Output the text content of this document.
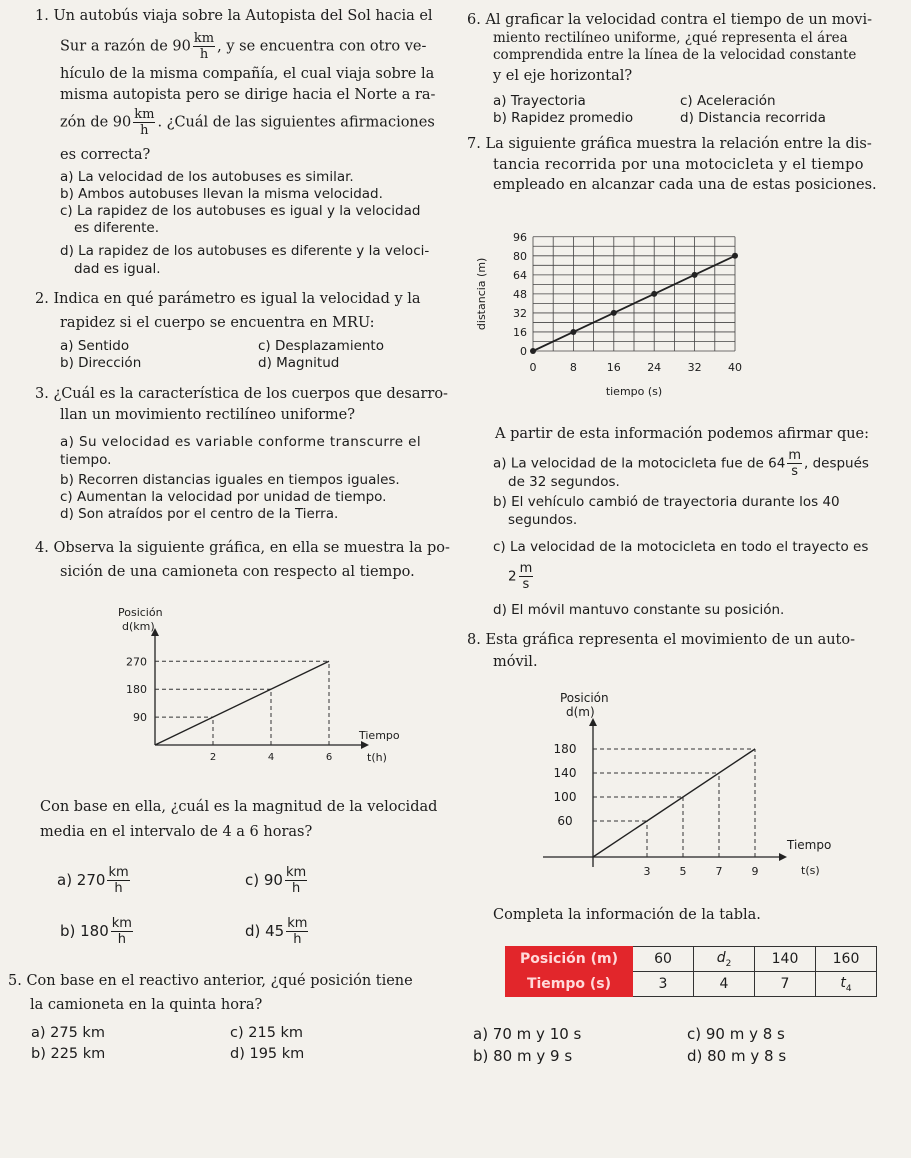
1. Un autobús viaja sobre la Autopista del Sol hacia el
Sur a razón de $90 \frac{km}{h}$ , y se encuentra con otro ve-
hículo de la misma compañía, el cual viaja sobre la
misma autopista pero se dirige hacia el Norte a ra-
zón de $90 \frac{km}{h}$ . ¿Cuál de las siguientes afirmaciones
es correcta?
a) La velocidad de los autobuses es similar.
b) Ambos autobuses llevan la misma velocidad.
c) La rapidez de los autobuses es igual y la velocidad
es diferente.
d) La rapidez de los autobuses es diferente y la veloci-
dad es igual.
2. Indica en qué parámetro es igual la velocidad y la
rapidez si el cuerpo se encuentra en MRU:
a) Sentido
b) Dirección
c) Desplazamiento
d) Magnitud
3. ¿Cuál es la característica de los cuerpos que desarro-
llan un movimiento rectilíneo uniforme?
a) Su velocidad es variable conforme transcurre el
tiempo.
b) Recorren distancias iguales en tiempos iguales.
c) Aumentan la velocidad por unidad de tiempo.
d) Son atraídos por el centro de la Tierra.
4. Observa la siguiente gráfica, en ella se muestra la po-
sición de una camioneta con respecto al tiempo.
Posición
d(km)
Tiempo
t(h)
90
180
270
2	4	6
Con base en ella, ¿cuál es la magnitud de la velocidad
media en el intervalo de 4 a 6 horas?
a) $270 \frac{km}{h}$
b) $180 \frac{km}{h}$
c) $90 \frac{km}{h}$
d) $45 \frac{km}{h}$
5. Con base en el reactivo anterior, ¿qué posición tiene
la camioneta en la quinta hora?
a) 275 km
b) 225 km
c) 215 km
d) 195 km
6. Al graficar la velocidad contra el tiempo de un movi-
miento rectilíneo uniforme, ¿qué representa el área
comprendida entre la línea de la velocidad constante
y el eje horizontal?
a) Trayectoria
b) Rapidez promedio
c) Aceleración
d) Distancia recorrida
7. La siguiente gráfica muestra la relación entre la dis-
tancia recorrida por una motocicleta y el tiempo
empleado en alcanzar cada una de estas posiciones.
0
16
32
48
64
80
96
0	8	16 24 32 40
tiempo (s)
distancia (m)
A partir de esta información podemos afirmar que:
a) La velocidad de la motocicleta fue de $64 \frac{m}{s}$ , después
de 32 segundos.
b) El vehículo cambió de trayectoria durante los 40
segundos.
c) La velocidad de la motocicleta en todo el trayecto es
$2 \frac{m}{s}$
d) El móvil mantuvo constante su posición.
8. Esta gráfica representa el movimiento de un auto-
móvil.
Posición
d(m)
Tiempo
t(s)
60
100
140
180
3	5	7	9
Completa la información de la tabla.
Posición (m)	60	$d_2$	140	160
Tiempo (s)	3	4	7	$t_4$
a) 70 m y 10 s
b) 80 m y 9 s
c) 90 m y 8 s
d) 80 m y 8 s
